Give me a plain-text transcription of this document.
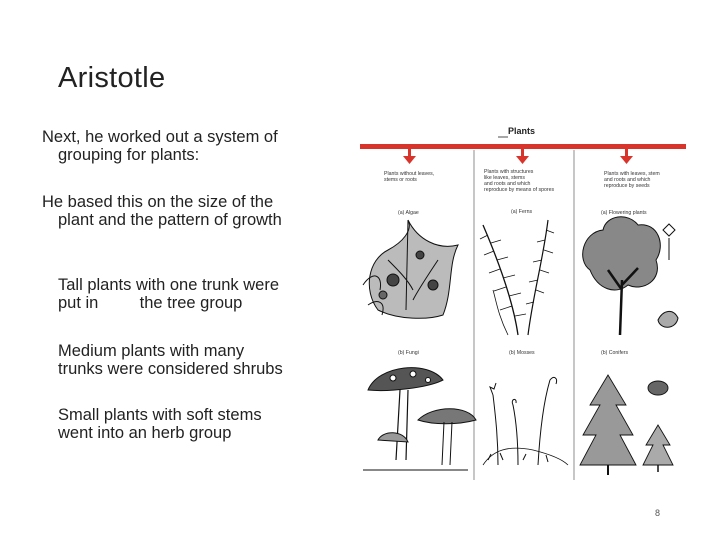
Aristotle
Next, he worked out a system of
grouping for plants:
He based this on the size of the
plant and the pattern of growth
Tall plants with one trunk were
put in         the tree group
Medium plants with many
trunks were considered shrubs
Small plants with soft stems
went into an herb group
Plants
Plants without leaves,
stems or roots
Plants with structures
like leaves, stems
and roots and which
reproduce by means of spores
Plants with leaves, stem
and roots and which
reproduce by seeds
(a) Algae	(a) Ferns	(a) Flowering plants
(b) Fungi	(b) Mosses	(b) Conifers
8
